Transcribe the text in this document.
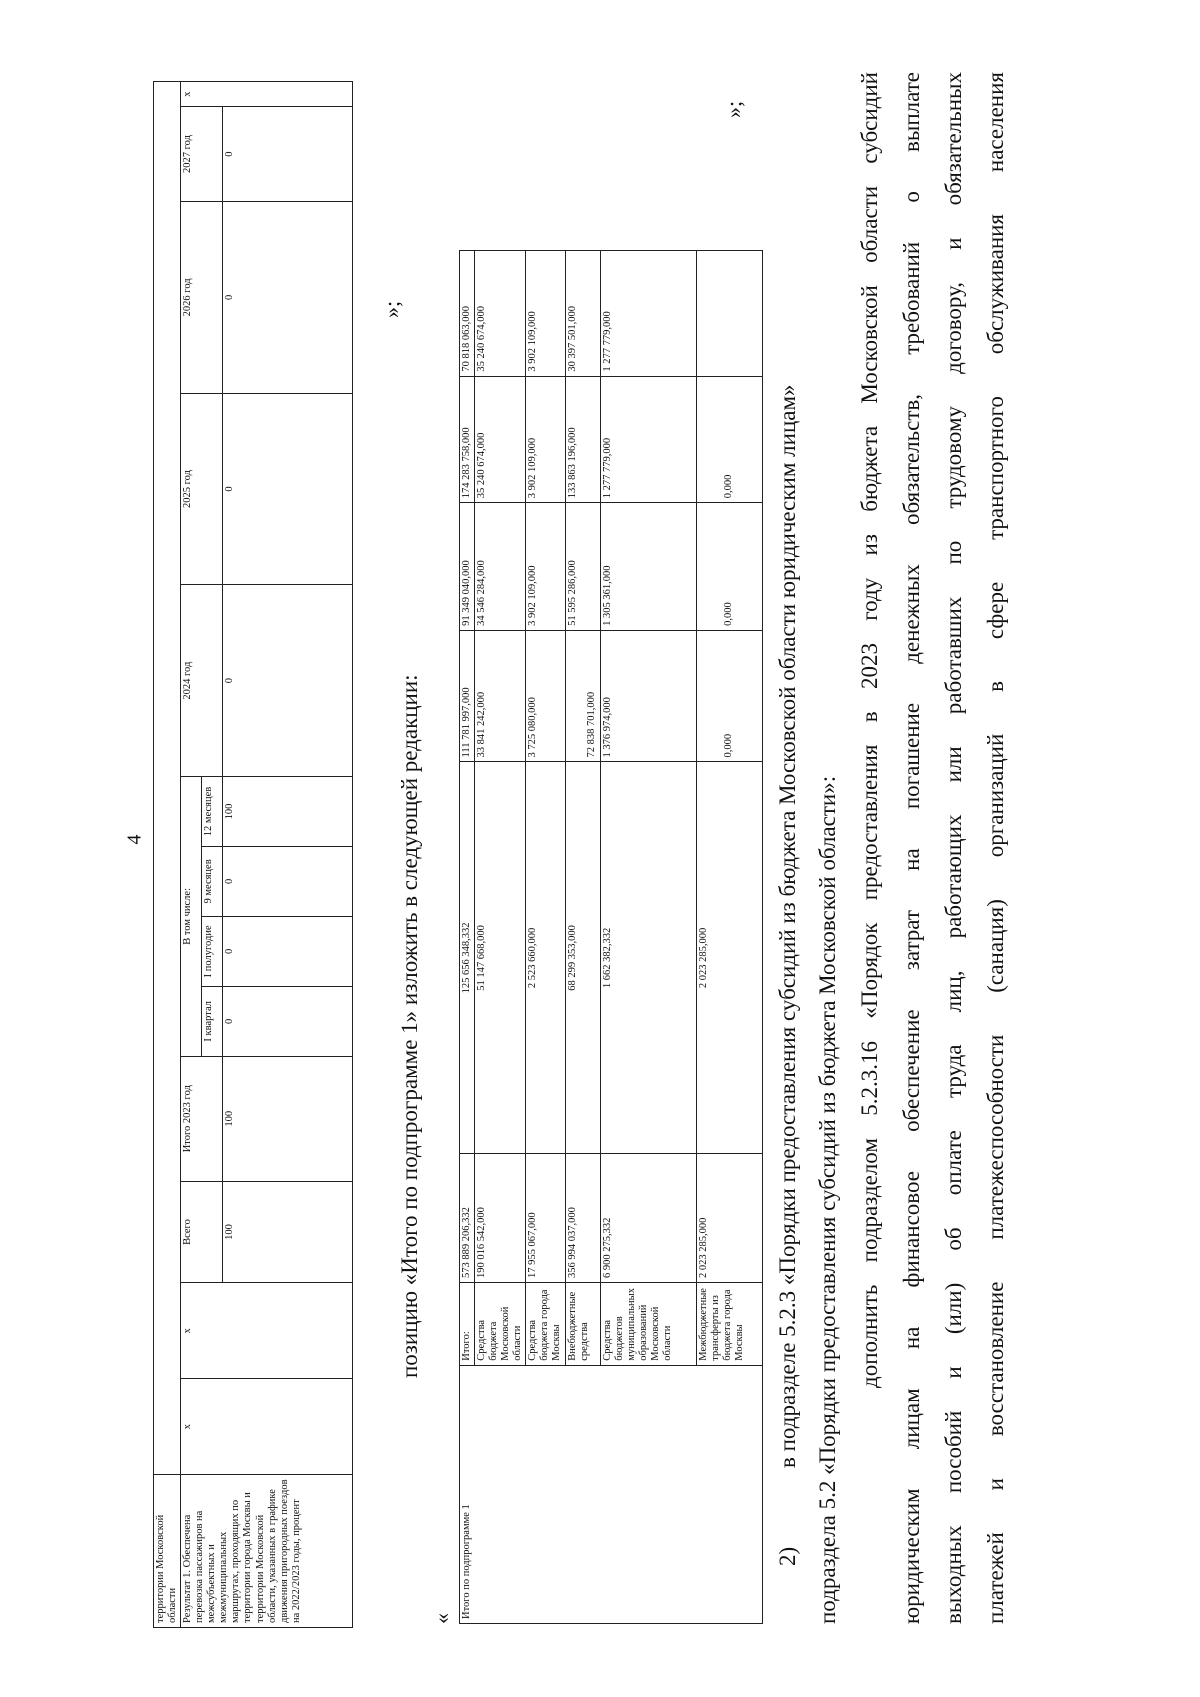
4
территории Московской области													
Результат 1. Обеспечена перевозка пассажиров на межсубъектных и межмуниципальных маршрутах, проходящих по территории города Москвы и территории Московской области, указанных в графике движения пригородных поездов на 2022/2023 годы, процент	х	х	Всего	Итого 2023 год	В том числе:				2024 год	2025 год	2026 год	2027 год	х
					I квартал	I полугодие	9 месяцев	12 месяцев					
			100	100	0	0	0	100	0	0	0	0	
»;
позицию «Итого по подпрограмме 1» изложить в следующей редакции:
« Итого по подпрограмме 1	Итого:	573 889 206,332	125 656 348,332	111 781 997,000	91 349 040,000	174 283 758,000	70 818 063,000
	Средства бюджета Московской области	190 016 542,000	51 147 668,000	33 841 242,000	34 546 284,000	35 240 674,000	35 240 674,000
	Средства бюджета города Москвы	17 955 067,000	2 523 660,000	3 725 080,000	3 902 109,000	3 902 109,000	3 902 109,000
	Внебюджетные средства	356 994 037,000	68 299 353,000	72 838 701,000	51 595 286,000	133 863 196,000	30 397 501,000
	Средства бюджетов муниципальных образований Московской области	6 900 275,332	1 662 382,332	1 376 974,000	1 305 361,000	1 277 779,000	1 277 779,000
	Межбюджетные трансферты из бюджета города Москвы	2 023 285,000	2 023 285,000	0,000	0,000	0,000	
»;
2)
в подразделе 5.2.3 «Порядки предоставления субсидий из бюджета Московской области юридическим лицам» подраздела 5.2 «Порядки предоставления субсидий из бюджета Московской области»: дополнить подразделом 5.2.3.16 «Порядок предоставления в 2023 году из бюджета Московской области субсидий юридическим лицам на финансовое обеспечение затрат на погашение денежных обязательств, требований о выплате выходных пособий и (или) об оплате труда лиц, работающих или работавших по трудовому договору, и обязательных платежей и восстановление платежеспособности (санация) организаций в сфере транспортного обслуживания населения
